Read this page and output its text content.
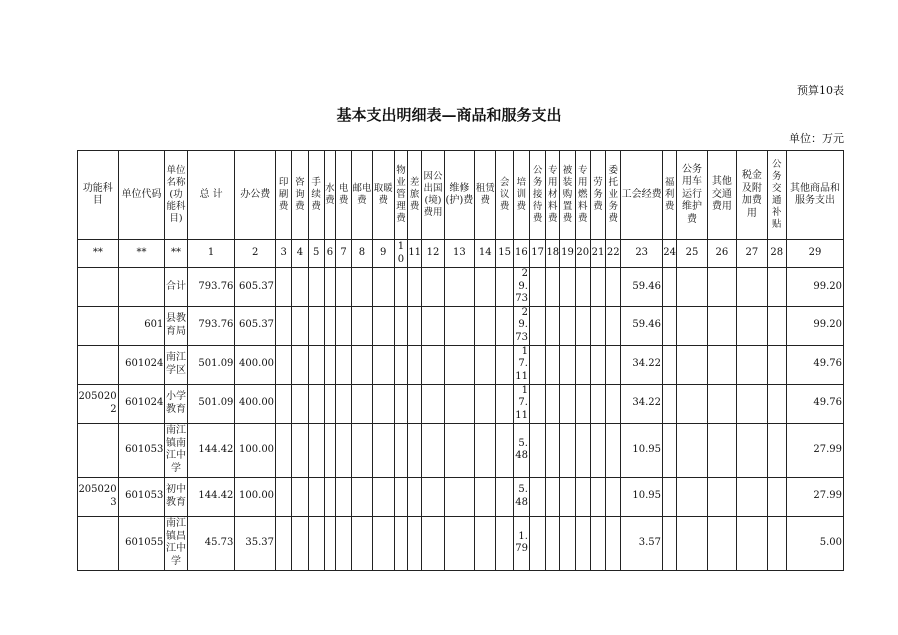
预算10表
基本支出明细表—商品和服务支出
单位：万元
功能科目	单位代码	单位名称(功能科目)	总 计	办公费	印刷费	咨询费	手续费	水费	电费	邮电费	取暖费	物业管理费	差旅费	因公出国(境)费用	维修(护)费	租赁费	会议费	培训费	公务接待费	专用材料费	被装购置费	专用燃料费	劳务费	委托业务费	工会经费	福利费	公务用车运行维护费	其他交通费用	税金及附加费用	公务交通补贴	其他商品和服务支出
**	**	**	1	2	3	4	5	6	7	8	9	10	11	12	13	14	15	16	17	18	19	20	21	22	23	24	25	26	27	28	29
		合计	793.76	605.37														29.73							59.46						99.20
	601	县教育局	793.76	605.37														29.73							59.46						99.20
	601024	南江学区	501.09	400.00														17.11							34.22						49.76
2050202	601024	小学教育	501.09	400.00														17.11							34.22						49.76
	601053	南江镇南江中学	144.42	100.00														5.48							10.95						27.99
2050203	601053	初中教育	144.42	100.00														5.48							10.95						27.99
	601055	南江镇昌江中学	45.73	35.37														1.79							3.57						5.00
